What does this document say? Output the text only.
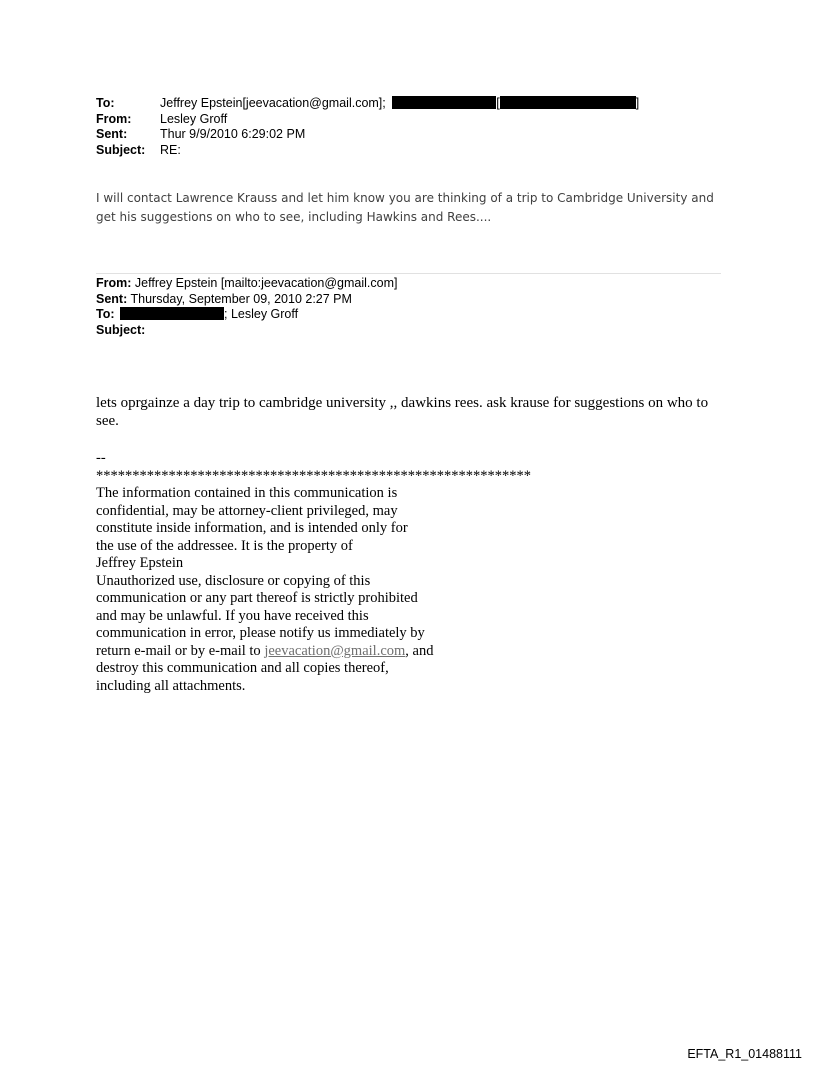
To:	Jeffrey Epstein[jeevacation@gmail.com];	[	]
From: Lesley Groff
Sent:	Thur 9/9/2010 6:29:02 PM
Subject: RE:
I will contact Lawrence Krauss and let him know you are thinking of a trip to Cambridge University and get his suggestions on who to see, including Hawkins and Rees....
From: Jeffrey Epstein [mailto:jeevacation@gmail.com]
Sent: Thursday, September 09, 2010 2:27 PM
To:	; Lesley Groff
Subject:
lets oprgainze a day trip to cambridge university ,, dawkins rees. ask krause for suggestions on who to see.
--
************************************************************
The information contained in this communication is
confidential, may be attorney-client privileged, may
constitute inside information, and is intended only for
the use of the addressee. It is the property of
Jeffrey Epstein
Unauthorized use, disclosure or copying of this
communication or any part thereof is strictly prohibited
and may be unlawful. If you have received this
communication in error, please notify us immediately by
return e-mail or by e-mail to jeevacation@gmail.com, and
destroy this communication and all copies thereof,
including all attachments.
EFTA_R1_01488111
